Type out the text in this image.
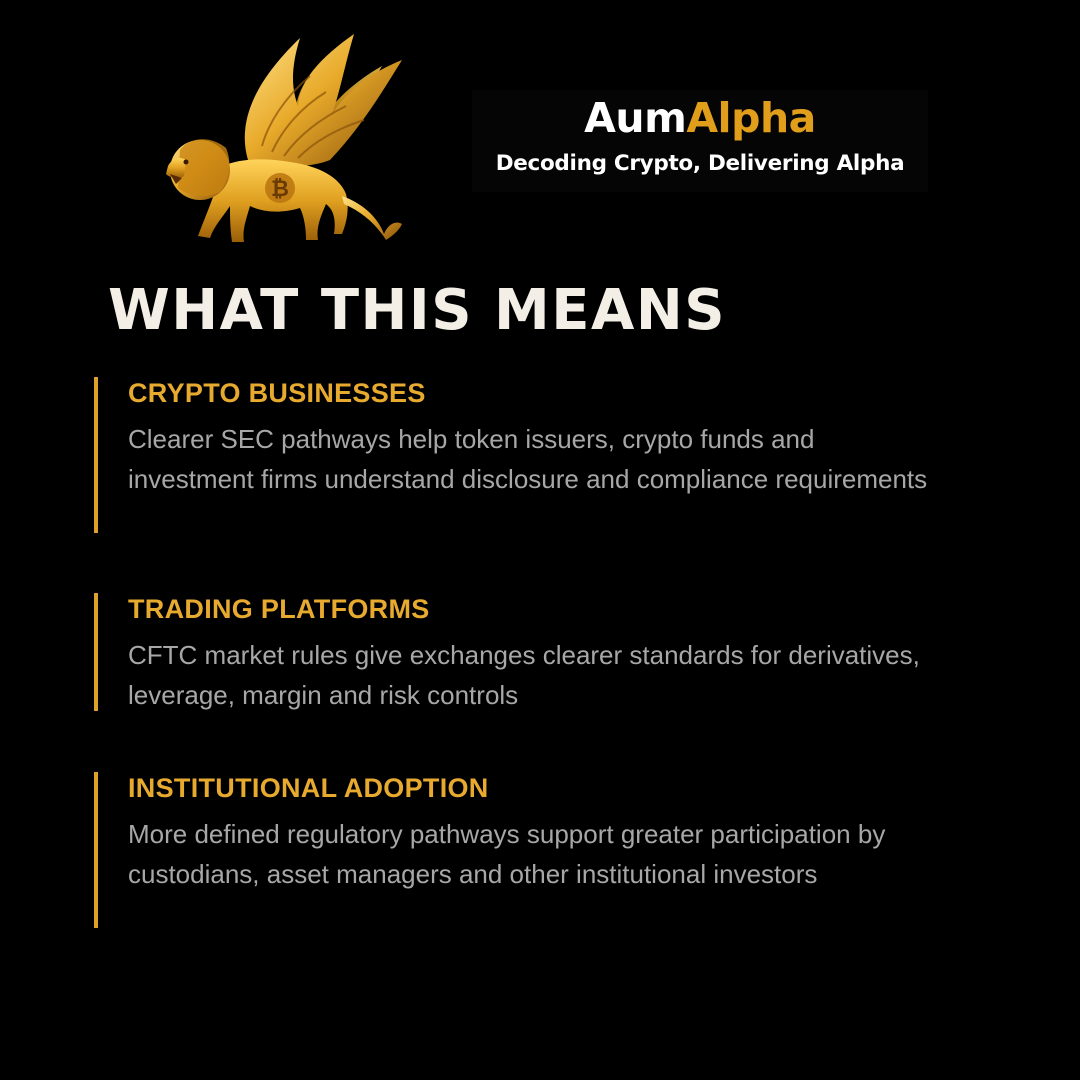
₿
AumAlpha
Decoding Crypto, Delivering Alpha
WHAT THIS MEANS
CRYPTO BUSINESSES

Clearer SEC pathways help token issuers, crypto funds and investment firms understand disclosure and compliance requirements

TRADING PLATFORMS

CFTC market rules give exchanges clearer standards for derivatives, leverage, margin and risk controls

INSTITUTIONAL ADOPTION

More defined regulatory pathways support greater participation by custodians, asset managers and other institutional investors
